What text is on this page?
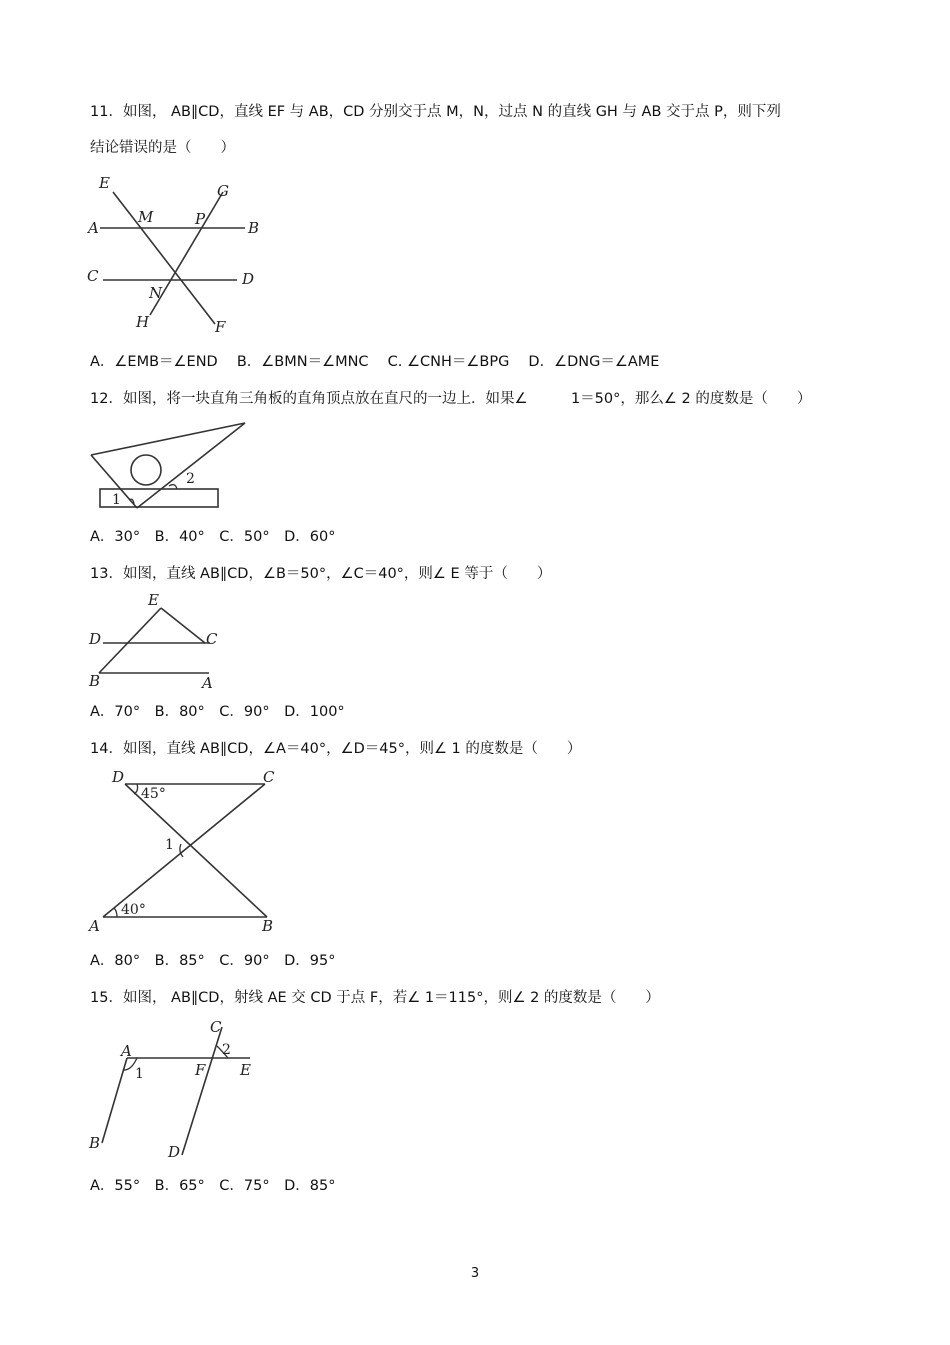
11．如图， AB∥CD，直线 EF 与 AB，CD 分别交于点 M，N，过点 N 的直线 GH 与 AB 交于点 P，则下列
结论错误的是（　　）
E	G
M	P
A	B
C	D
N
H	F
A．∠EMB＝∠END　 B．∠BMN＝∠MNC　 C. ∠CNH＝∠BPG　 D．∠DNG＝∠AME
12．如图，将一块直角三角板的直角顶点放在直尺的一边上．如果∠　　　1＝50°，那么∠ 2 的度数是（　　）
1
2
A．30°　B．40°　C．50°　D．60°
13．如图，直线 AB∥CD，∠B＝50°，∠C＝40°，则∠ E 等于（　　）
E
D	C
B	A
A．70°　B．80°　C．90°　D．100°
14．如图，直线 AB∥CD，∠A＝40°，∠D＝45°，则∠ 1 的度数是（　　）
D	C
45°
1
A
40°
B
A．80°　B．85°　C．90°　D．95°
15．如图， AB∥CD，射线 AE 交 CD 于点 F，若∠ 1＝115°，则∠ 2 的度数是（　　）
C
A	2
1	F E
B	D
A．55°　B．65°　C．75°　D．85°
3
